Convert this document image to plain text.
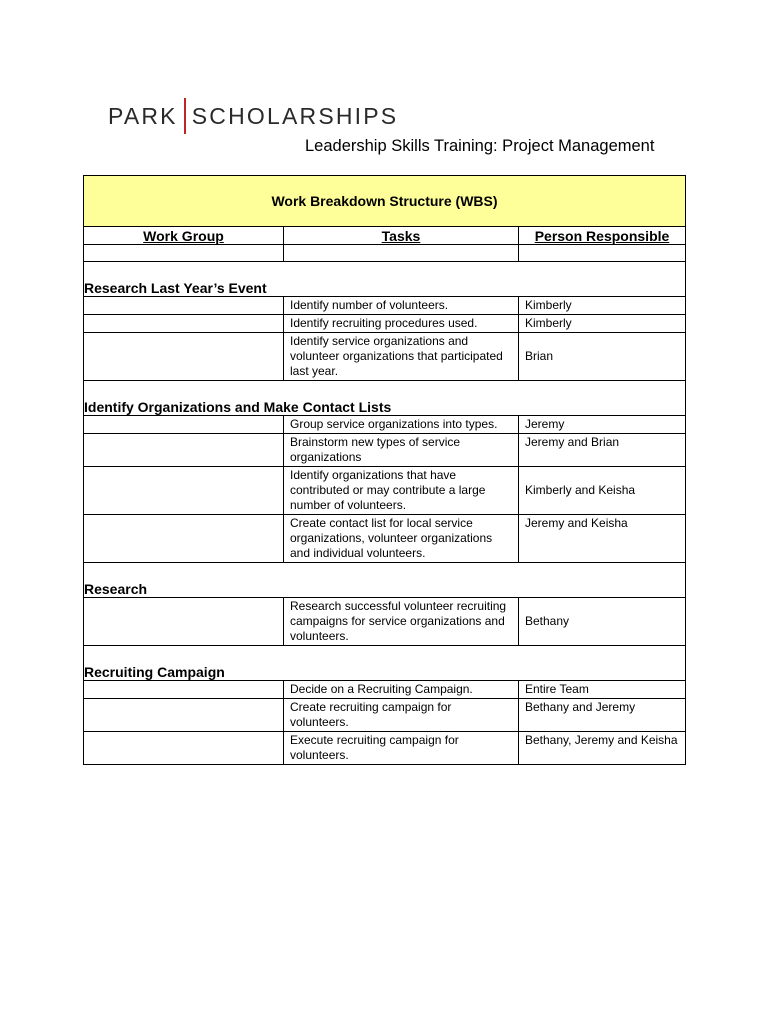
PARK SCHOLARSHIPS
Leadership Skills Training: Project Management
Work Breakdown Structure (WBS)		
Work Group	Tasks	Person Responsible

Research Last Year’s Event		
	Identify number of volunteers.	Kimberly
	Identify recruiting procedures used.	Kimberly
	Identify service organizations and volunteer organizations that participated last year.	Brian
Identify Organizations and Make Contact Lists		
	Group service organizations into types.	Jeremy
	Brainstorm new types of service organizations	Jeremy and Brian
	Identify organizations that have contributed or may contribute a large number of volunteers.	Kimberly and Keisha
	Create contact list for local service organizations, volunteer organizations and individual volunteers.	Jeremy and Keisha
Research		
	Research successful volunteer recruiting campaigns for service organizations and volunteers.	Bethany
Recruiting Campaign		
	Decide on a Recruiting Campaign.	Entire Team
	Create recruiting campaign for volunteers.	Bethany and Jeremy
	Execute recruiting campaign for volunteers.	Bethany, Jeremy and Keisha
